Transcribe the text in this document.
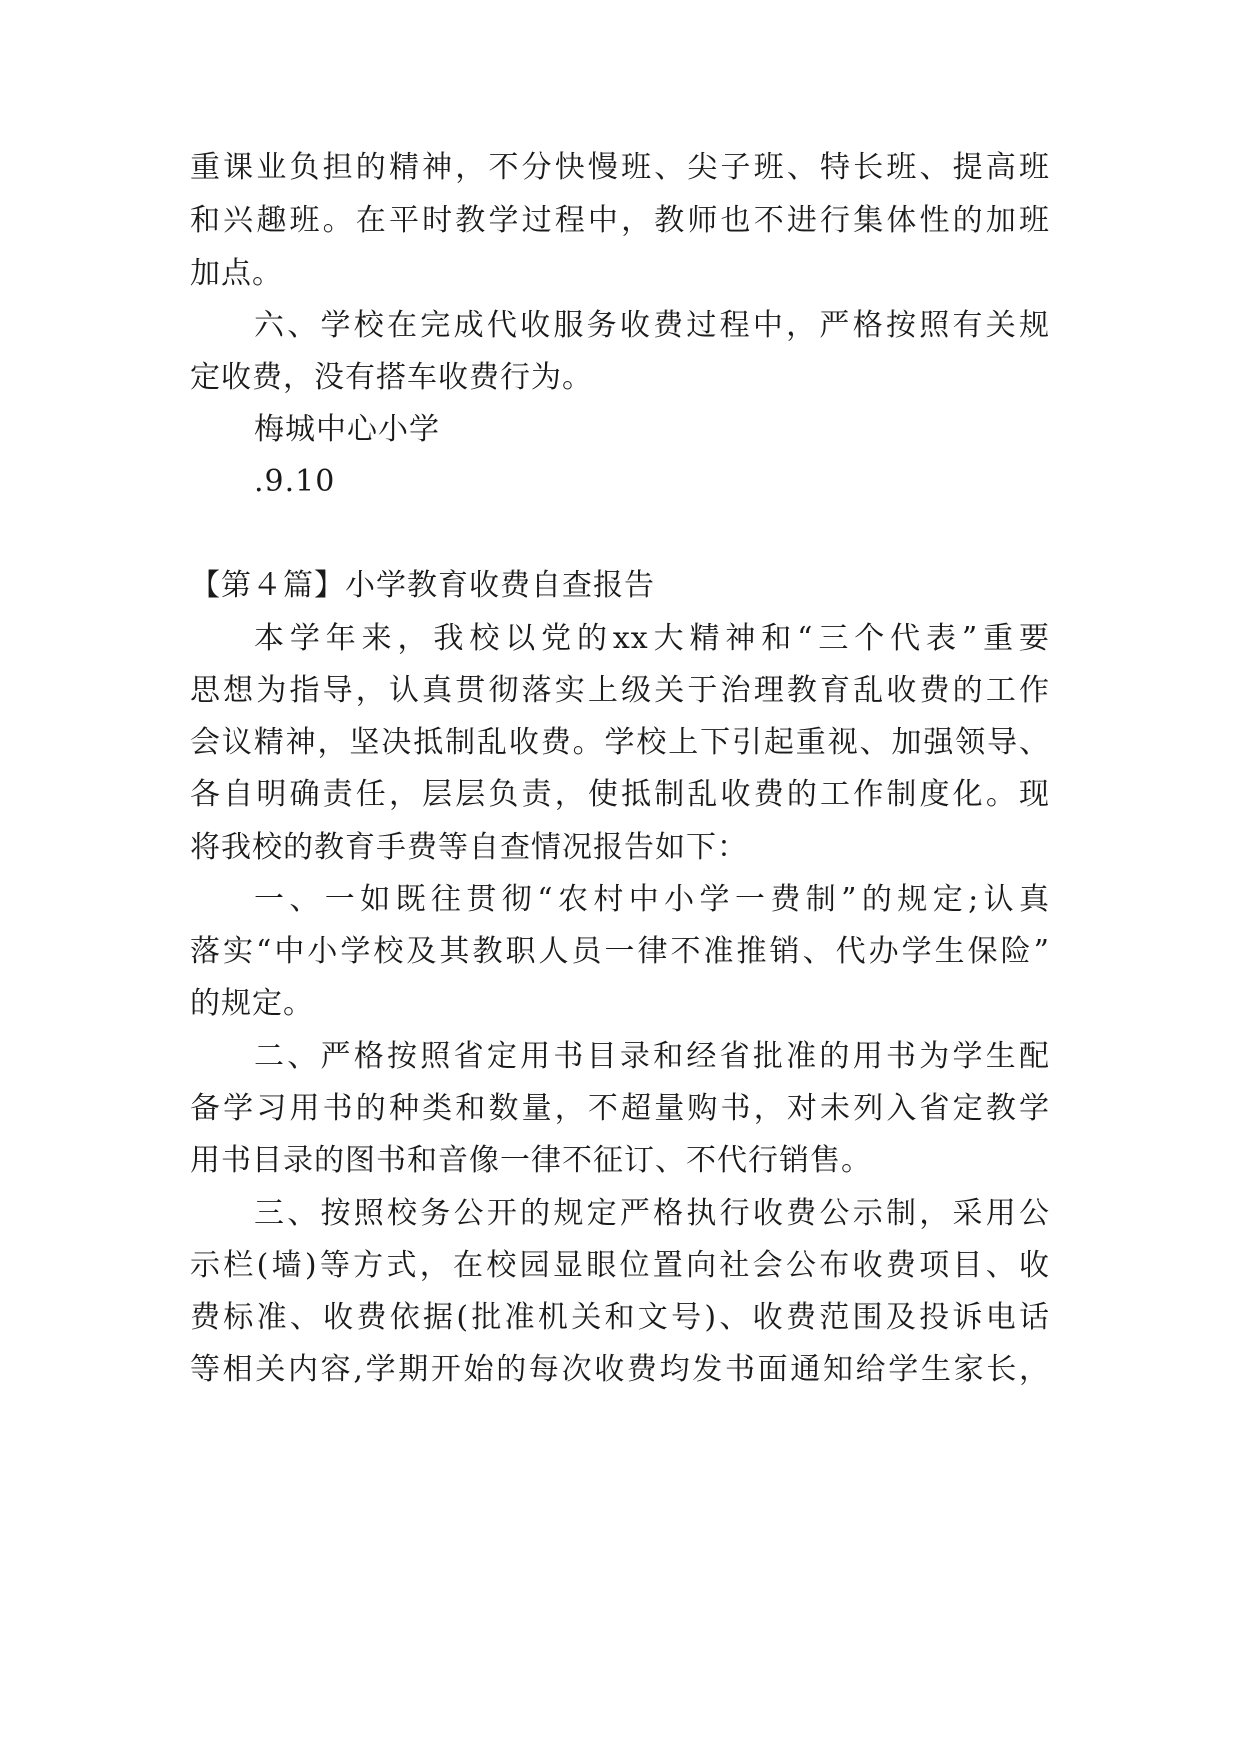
重课业负担的精神，不分快慢班、尖子班、特长班、提高班
和兴趣班。在平时教学过程中，教师也不进行集体性的加班
加点。
六、学校在完成代收服务收费过程中，严格按照有关规
定收费，没有搭车收费行为。
梅城中心小学
.9.10
【第４篇】小学教育收费自查报告
本学年来，我校以党的xx大精神和“三个代表”重要
思想为指导，认真贯彻落实上级关于治理教育乱收费的工作
会议精神，坚决抵制乱收费。学校上下引起重视、加强领导、
各自明确责任，层层负责，使抵制乱收费的工作制度化。现
将我校的教育手费等自查情况报告如下：
一、一如既往贯彻“农村中小学一费制”的规定;认真
落实“中小学校及其教职人员一律不准推销、代办学生保险”
的规定。
二、严格按照省定用书目录和经省批准的用书为学生配
备学习用书的种类和数量，不超量购书，对未列入省定教学
用书目录的图书和音像一律不征订、不代行销售。
三、按照校务公开的规定严格执行收费公示制，采用公
示栏(墙)等方式，在校园显眼位置向社会公布收费项目、收
费标准、收费依据(批准机关和文号)、收费范围及投诉电话
等相关内容,学期开始的每次收费均发书面通知给学生家长，
